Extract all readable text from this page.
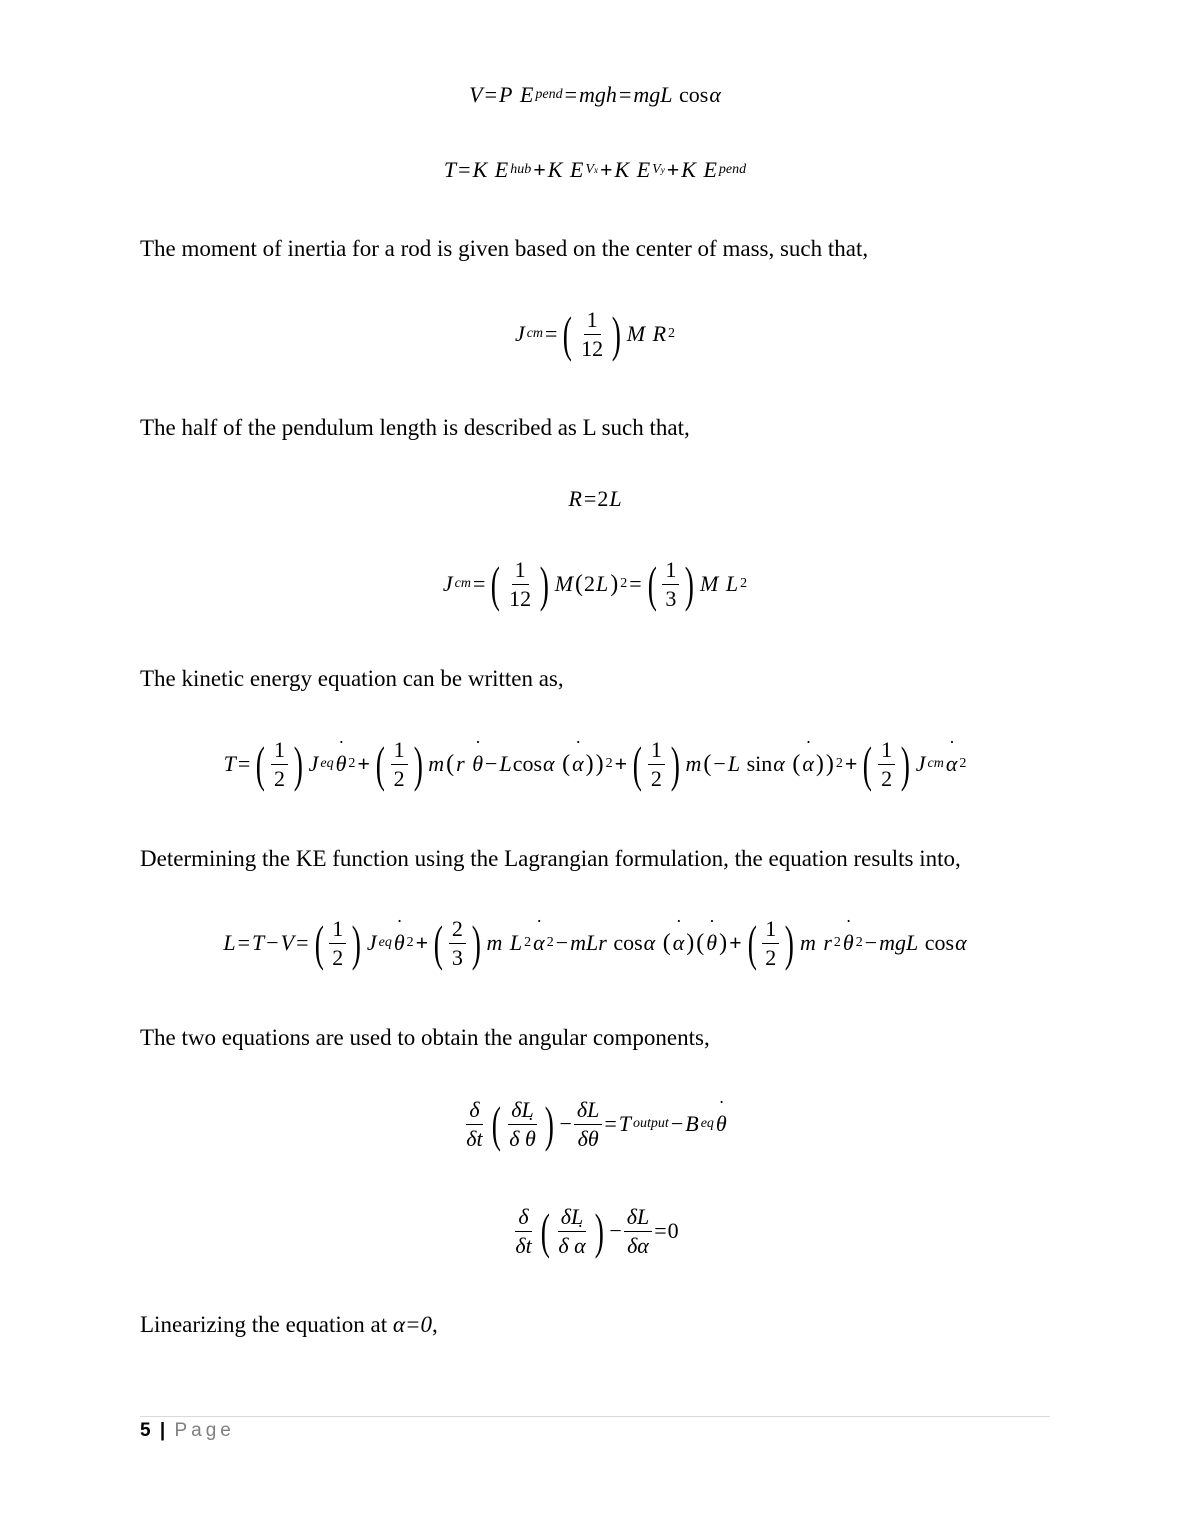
V = P
E pend = mgh = mgL cos α
T = K
E hub + K
E Vx + K
E Vy + K
E pend
The moment of inertia for a rod is given based on the center of mass, such that,
J cm = ( $\frac{1}{12}$ ) M
R 2
The half of the pendulum length is described as L such that,
R = 2 L
J cm = ( $\frac{1}{12}$ ) M ( 2 L ) 2 = ( $\frac{1}{3}$ ) M
L 2
The kinetic energy equation can be written as,
T = ( $\frac{1}{2}$ ) J eq θ ˙ 2 + ( $\frac{1}{2}$ ) m ( r
θ ˙ − L cos α
( α ˙ ) ) 2 + ( $\frac{1}{2}$ ) m ( − L sin α
( α ˙ ) ) 2 + ( $\frac{1}{2}$ ) J cm α ˙ 2
Determining the KE function using the Lagrangian formulation, the equation results into,
L = T − V = ( $\frac{1}{2}$ ) J eq θ ˙ 2 + ( $\frac{2}{3}$ ) m
L 2 α ˙ 2 − mLr cos α
( α ˙ ) ( θ ˙ ) + ( $\frac{1}{2}$ ) m
r 2 θ ˙ 2 − mgL cos α
The two equations are used to obtain the angular components,
$\frac{\delta}{\delta t}$ ( $\frac{\delta L}{\text{δ θ}}$ ˙ ) − $\frac{\delta L}{\delta\theta} = T$ output − B eq θ ˙
$\frac{\delta}{\delta t}$ ( $\frac{\delta L}{\text{δ α}}$ ˙ ) − $\frac{\delta L}{\delta\alpha} = 0$
Linearizing the equation at α=0,
5 | Page
